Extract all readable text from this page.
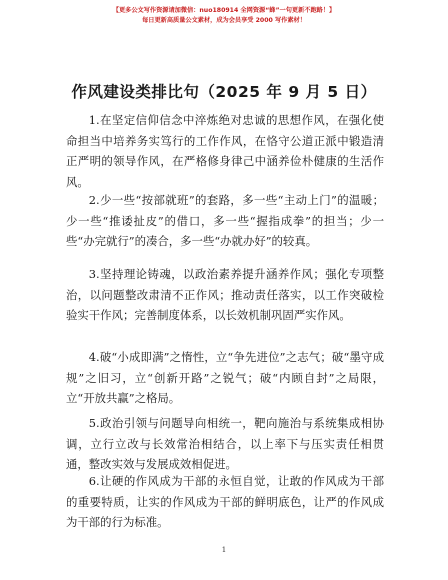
【更多公文写作资源请加微信：nuo180914 全网资源“蜂”一句更新不跑路！】
每日更新高质量公文素材，成为会员享受 2000 写作素材！
作风建设类排比句（2025 年 9 月 5 日）
1.在坚定信仰信念中淬炼绝对忠诚的思想作风，在强化使命担当中培养务实笃行的工作作风，在恪守公道正派中锻造清正严明的领导作风，在严格修身律己中涵养俭朴健康的生活作风。
2.少一些“按部就班”的套路，多一些“主动上门”的温暖；少一些“推诿扯皮”的借口，多一些“握指成拳”的担当；少一些“办完就行”的凑合，多一些“办就办好”的较真。
3.坚持理论铸魂，以政治素养提升涵养作风；强化专项整治，以问题整改肃清不正作风；推动责任落实，以工作突破检验实干作风；完善制度体系，以长效机制巩固严实作风。
4.破“小成即满”之惰性，立“争先进位”之志气；破“墨守成规”之旧习，立“创新开路”之锐气；破“内顾自封”之局限，立“开放共赢”之格局。
5.政治引领与问题导向相统一，靶向施治与系统集成相协调，立行立改与长效常治相结合，以上率下与压实责任相贯通，整改实效与发展成效相促进。
6.让硬的作风成为干部的永恒自觉，让敢的作风成为干部的重要特质，让实的作风成为干部的鲜明底色，让严的作风成为干部的行为标准。
1
